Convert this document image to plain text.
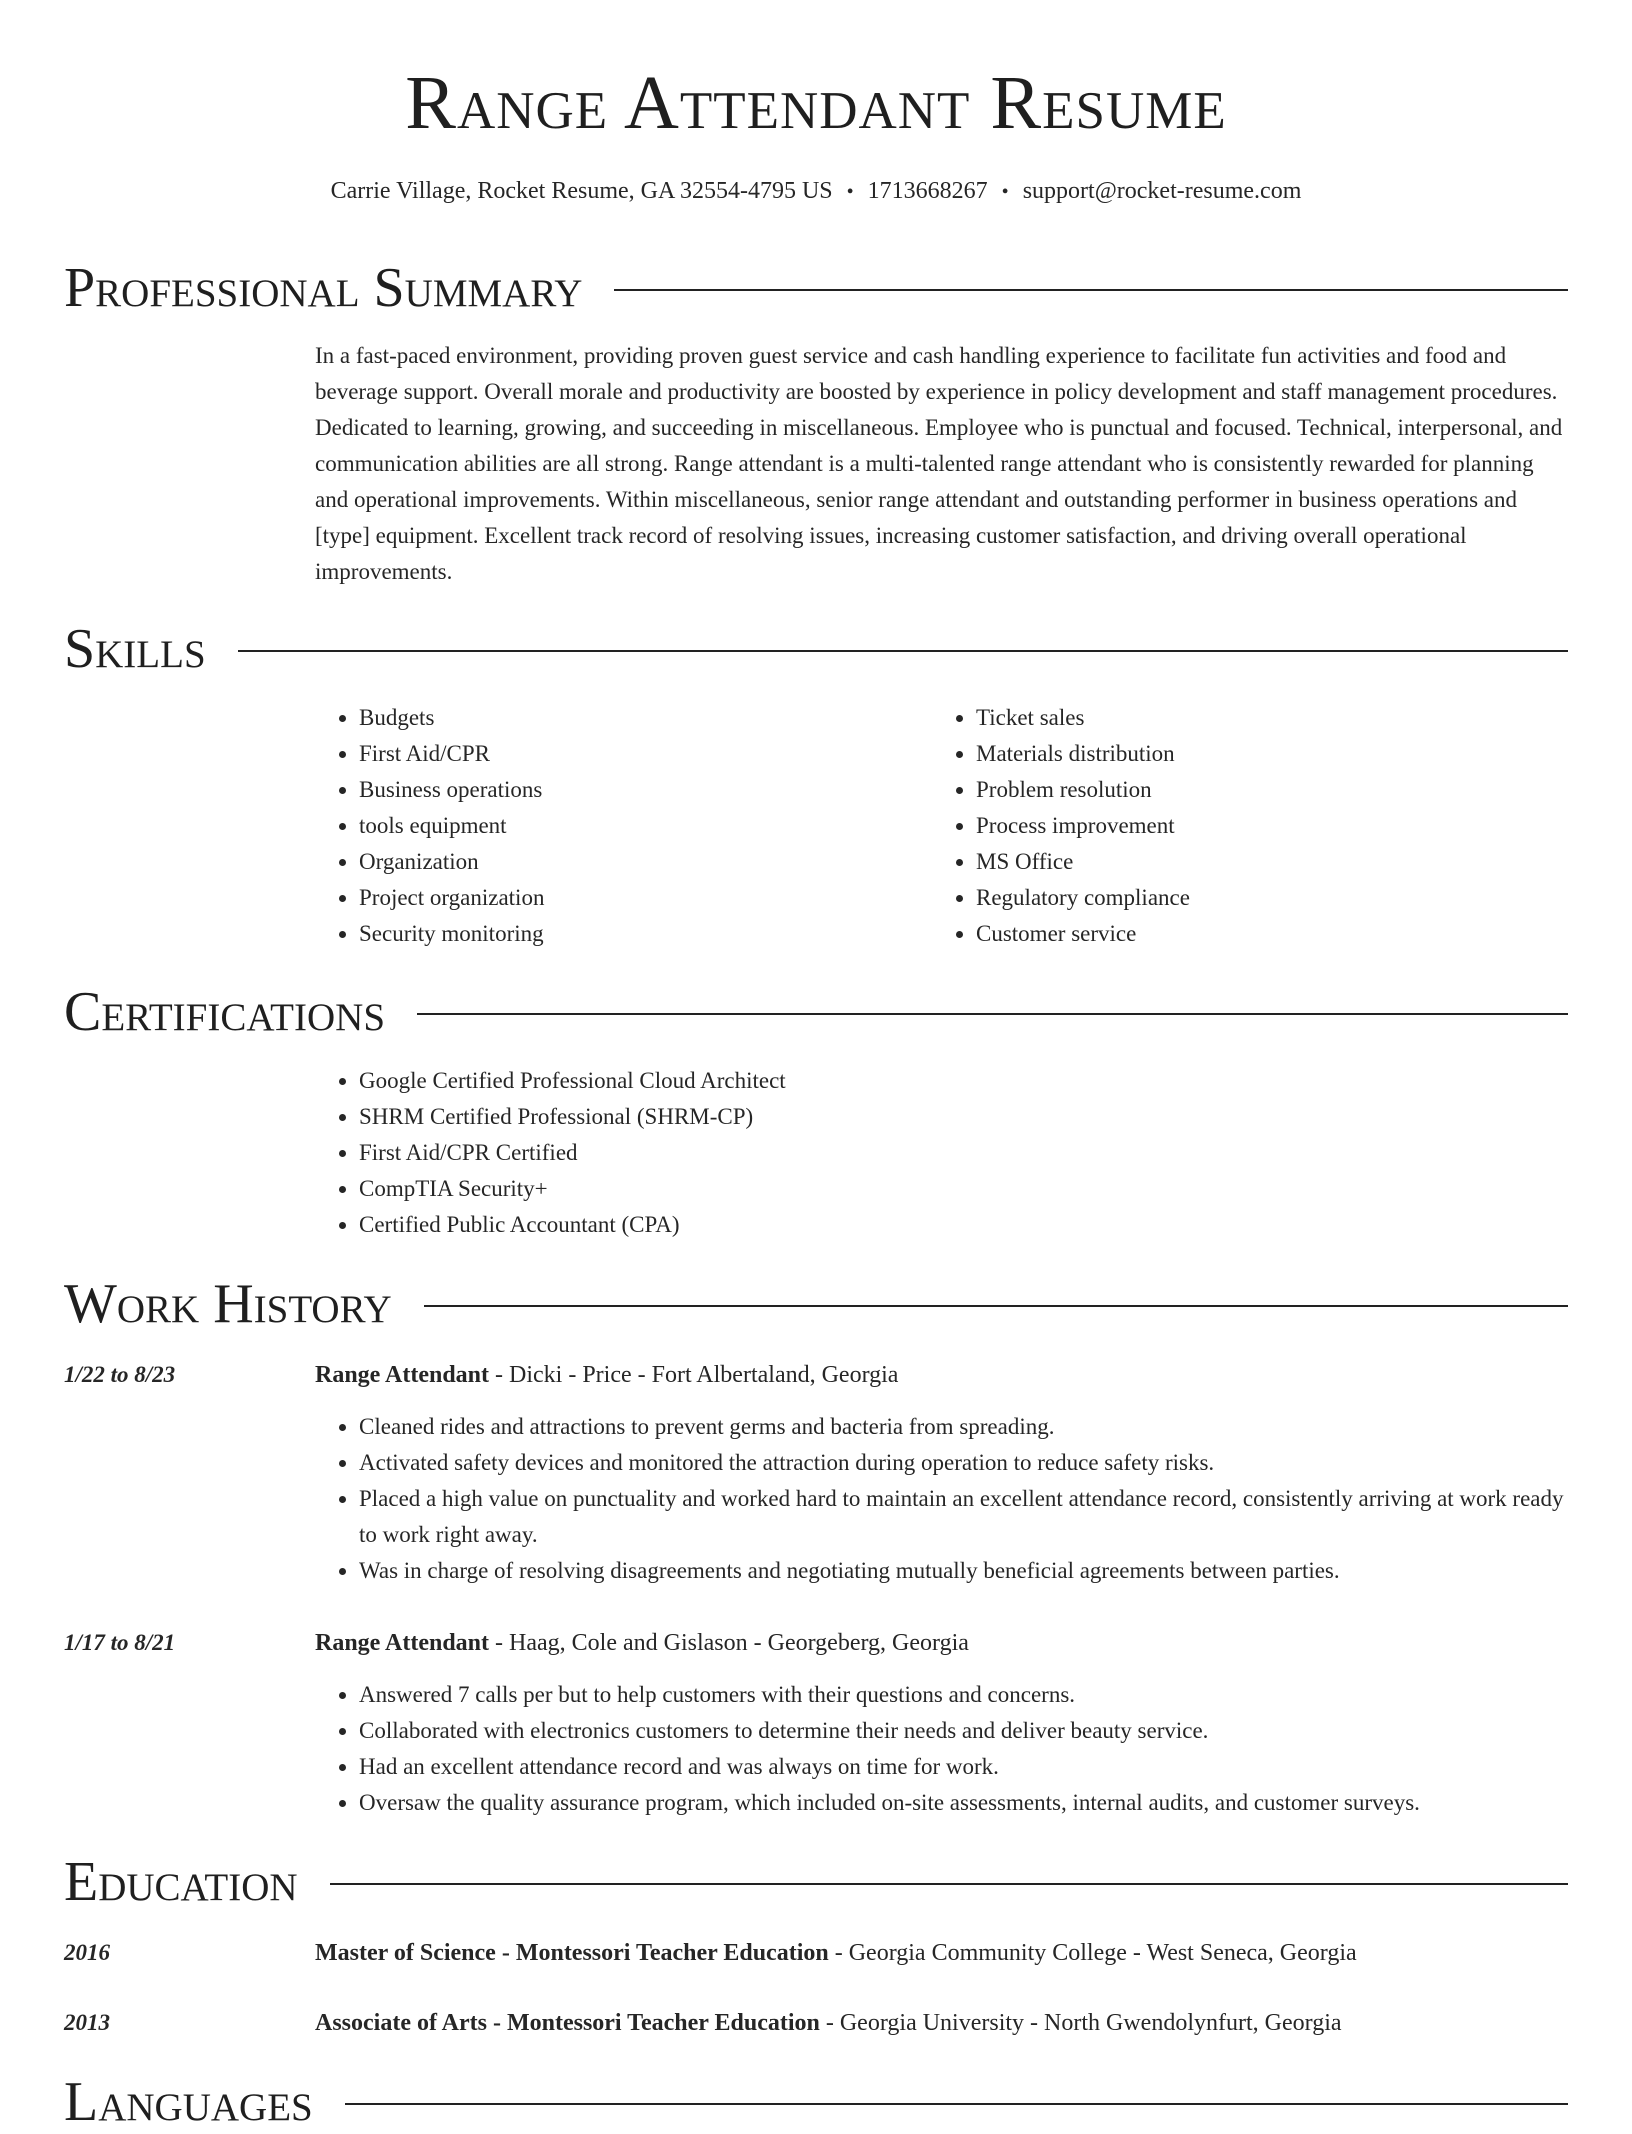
Range Attendant Resume
Carrie Village, Rocket Resume, GA 32554-4795 US • 1713668267 • support@rocket-resume.com
Professional Summary
In a fast-paced environment, providing proven guest service and cash handling experience to facilitate fun activities and food and beverage support. Overall morale and productivity are boosted by experience in policy development and staff management procedures. Dedicated to learning, growing, and succeeding in miscellaneous. Employee who is punctual and focused. Technical, interpersonal, and communication abilities are all strong. Range attendant is a multi-talented range attendant who is consistently rewarded for planning and operational improvements. Within miscellaneous, senior range attendant and outstanding performer in business operations and [type] equipment. Excellent track record of resolving issues, increasing customer satisfaction, and driving overall operational improvements.
Skills
• Budgets
• First Aid/CPR
• Business operations
• tools equipment
• Organization
• Project organization
• Security monitoring
• Ticket sales
• Materials distribution
• Problem resolution
• Process improvement
• MS Office
• Regulatory compliance
• Customer service
Certifications
• Google Certified Professional Cloud Architect
• SHRM Certified Professional (SHRM-CP)
• First Aid/CPR Certified
• CompTIA Security+
• Certified Public Accountant (CPA)
Work History
1/22 to 8/23	Range Attendant - Dicki - Price - Fort Albertaland, Georgia
• Cleaned rides and attractions to prevent germs and bacteria from spreading.
• Activated safety devices and monitored the attraction during operation to reduce safety risks.
• Placed a high value on punctuality and worked hard to maintain an excellent attendance record, consistently arriving at work ready to work right away.
• Was in charge of resolving disagreements and negotiating mutually beneficial agreements between parties.
1/17 to 8/21	Range Attendant - Haag, Cole and Gislason - Georgeberg, Georgia
• Answered 7 calls per but to help customers with their questions and concerns.
• Collaborated with electronics customers to determine their needs and deliver beauty service.
• Had an excellent attendance record and was always on time for work.
• Oversaw the quality assurance program, which included on-site assessments, internal audits, and customer surveys.
Education
2016	Master of Science - Montessori Teacher Education - Georgia Community College - West Seneca, Georgia
2013	Associate of Arts - Montessori Teacher Education - Georgia University - North Gwendolynfurt, Georgia
Languages
